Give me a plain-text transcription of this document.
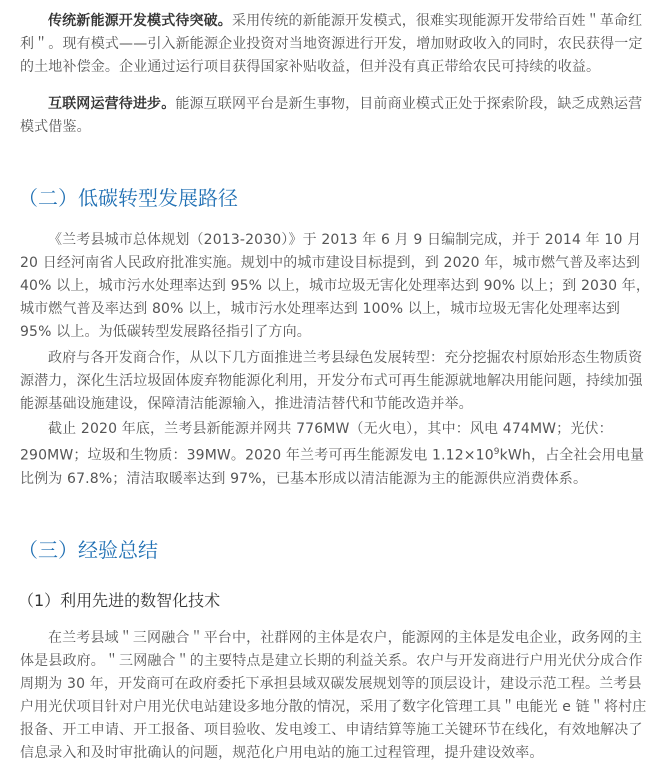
传统新能源开发模式待突破。采用传统的新能源开发模式，很难实现能源开发带给百姓＂革命红利＂。现有模式——引入新能源企业投资对当地资源进行开发，增加财政收入的同时，农民获得一定的土地补偿金。企业通过运行项目获得国家补贴收益，但并没有真正带给农民可持续的收益。

互联网运营待进步。能源互联网平台是新生事物，目前商业模式正处于探索阶段，缺乏成熟运营模式借鉴。

（二）低碳转型发展路径

《兰考县城市总体规划（2013-2030）》于 2013 年 6 月 9 日编制完成，并于 2014 年 10 月 20 日经河南省人民政府批准实施。规划中的城市建设目标提到，到 2020 年，城市燃气普及率达到 40% 以上，城市污水处理率达到 95% 以上，城市垃圾无害化处理率达到 90% 以上；到 2030 年，城市燃气普及率达到 80% 以上，城市污水处理率达到 100% 以上，城市垃圾无害化处理率达到 95% 以上。为低碳转型发展路径指引了方向。

政府与各开发商合作，从以下几方面推进兰考县绿色发展转型：充分挖掘农村原始形态生物质资源潜力，深化生活垃圾固体废弃物能源化利用，开发分布式可再生能源就地解决用能问题，持续加强能源基础设施建设，保障清洁能源输入，推进清洁替代和节能改造并举。

截止 2020 年底，兰考县新能源并网共 776MW（无火电），其中：风电 474MW；光伏：290MW；垃圾和生物质：39MW。2020 年兰考可再生能源发电 $1.12\times 10^9kWh$，占全社会用电量比例为 67.8%；清洁取暖率达到 97%，已基本形成以清洁能源为主的能源供应消费体系。

（三）经验总结
（1）利用先进的数智化技术

在兰考县域＂三网融合＂平台中，社群网的主体是农户，能源网的主体是发电企业，政务网的主体是县政府。＂三网融合＂的主要特点是建立长期的利益关系。农户与开发商进行户用光伏分成合作周期为 30 年，开发商可在政府委托下承担县域双碳发展规划等的顶层设计，建设示范工程。兰考县户用光伏项目针对户用光伏电站建设多地分散的情况，采用了数字化管理工具＂电能光 e 链＂将村庄报备、开工申请、开工报备、项目验收、发电竣工、申请结算等施工关键环节在线化，有效地解决了信息录入和及时审批确认的问题，规范化户用电站的施工过程管理，提升建设效率。
